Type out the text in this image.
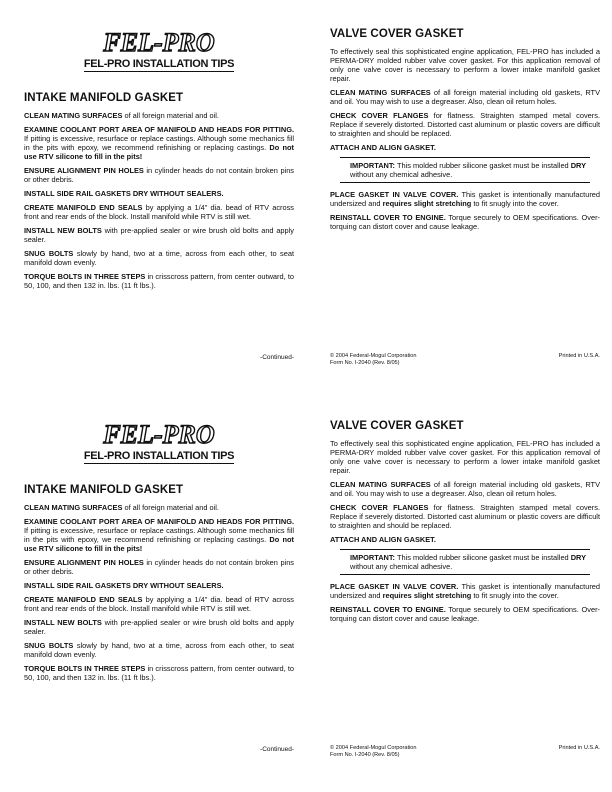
FEL-PRO
FEL-PRO INSTALLATION TIPS
INTAKE MANIFOLD GASKET

CLEAN MATING SURFACES of all foreign material and oil.

EXAMINE COOLANT PORT AREA OF MANIFOLD AND HEADS FOR PITTING. If pitting is excessive, resurface or replace castings. Although some mechanics fill in the pits with epoxy, we recommend refinishing or replacing castings. Do not use RTV silicone to fill in the pits!

ENSURE ALIGNMENT PIN HOLES in cylinder heads do not contain broken pins or other debris.

INSTALL SIDE RAIL GASKETS DRY WITHOUT SEALERS.

CREATE MANIFOLD END SEALS by applying a 1/4" dia. bead of RTV across front and rear ends of the block. Install manifold while RTV is still wet.

INSTALL NEW BOLTS with pre-applied sealer or wire brush old bolts and apply sealer.

SNUG BOLTS slowly by hand, two at a time, across from each other, to seat manifold down evenly.

TORQUE BOLTS IN THREE STEPS in crisscross pattern, from center outward, to 50, 100, and then 132 in. lbs. (11 ft lbs.).

-Continued-
VALVE COVER GASKET

To effectively seal this sophisticated engine application, FEL-PRO has included a PERMA-DRY molded rubber valve cover gasket. For this application removal of only one valve cover is necessary to perform a lower intake manifold gasket repair.

CLEAN MATING SURFACES of all foreign material including old gaskets, RTV and oil. You may wish to use a degreaser. Also, clean oil return holes.

CHECK COVER FLANGES for flatness. Straighten stamped metal covers. Replace if severely distorted. Distorted cast aluminum or plastic covers are difficult to straighten and should be replaced.

ATTACH AND ALIGN GASKET.

IMPORTANT: This molded rubber silicone gasket must be installed DRY without any chemical adhesive.

PLACE GASKET IN VALVE COVER. This gasket is intentionally manufactured undersized and requires slight stretching to fit snugly into the cover.

REINSTALL COVER TO ENGINE. Torque securely to OEM specifications. Over-torquing can distort cover and cause leakage.

© 2004 Federal-Mogul Corporation
Form No. I-2040 (Rev. 8/05)
Printed in U.S.A.
FEL-PRO
FEL-PRO INSTALLATION TIPS
INTAKE MANIFOLD GASKET

CLEAN MATING SURFACES of all foreign material and oil.

EXAMINE COOLANT PORT AREA OF MANIFOLD AND HEADS FOR PITTING. If pitting is excessive, resurface or replace castings. Although some mechanics fill in the pits with epoxy, we recommend refinishing or replacing castings. Do not use RTV silicone to fill in the pits!

ENSURE ALIGNMENT PIN HOLES in cylinder heads do not contain broken pins or other debris.

INSTALL SIDE RAIL GASKETS DRY WITHOUT SEALERS.

CREATE MANIFOLD END SEALS by applying a 1/4" dia. bead of RTV across front and rear ends of the block. Install manifold while RTV is still wet.

INSTALL NEW BOLTS with pre-applied sealer or wire brush old bolts and apply sealer.

SNUG BOLTS slowly by hand, two at a time, across from each other, to seat manifold down evenly.

TORQUE BOLTS IN THREE STEPS in crisscross pattern, from center outward, to 50, 100, and then 132 in. lbs. (11 ft lbs.).

-Continued-
VALVE COVER GASKET

To effectively seal this sophisticated engine application, FEL-PRO has included a PERMA-DRY molded rubber valve cover gasket. For this application removal of only one valve cover is necessary to perform a lower intake manifold gasket repair.

CLEAN MATING SURFACES of all foreign material including old gaskets, RTV and oil. You may wish to use a degreaser. Also, clean oil return holes.

CHECK COVER FLANGES for flatness. Straighten stamped metal covers. Replace if severely distorted. Distorted cast aluminum or plastic covers are difficult to straighten and should be replaced.

ATTACH AND ALIGN GASKET.

IMPORTANT: This molded rubber silicone gasket must be installed DRY without any chemical adhesive.

PLACE GASKET IN VALVE COVER. This gasket is intentionally manufactured undersized and requires slight stretching to fit snugly into the cover.

REINSTALL COVER TO ENGINE. Torque securely to OEM specifications. Over-torquing can distort cover and cause leakage.

© 2004 Federal-Mogul Corporation
Form No. I-2040 (Rev. 8/05)
Printed in U.S.A.
